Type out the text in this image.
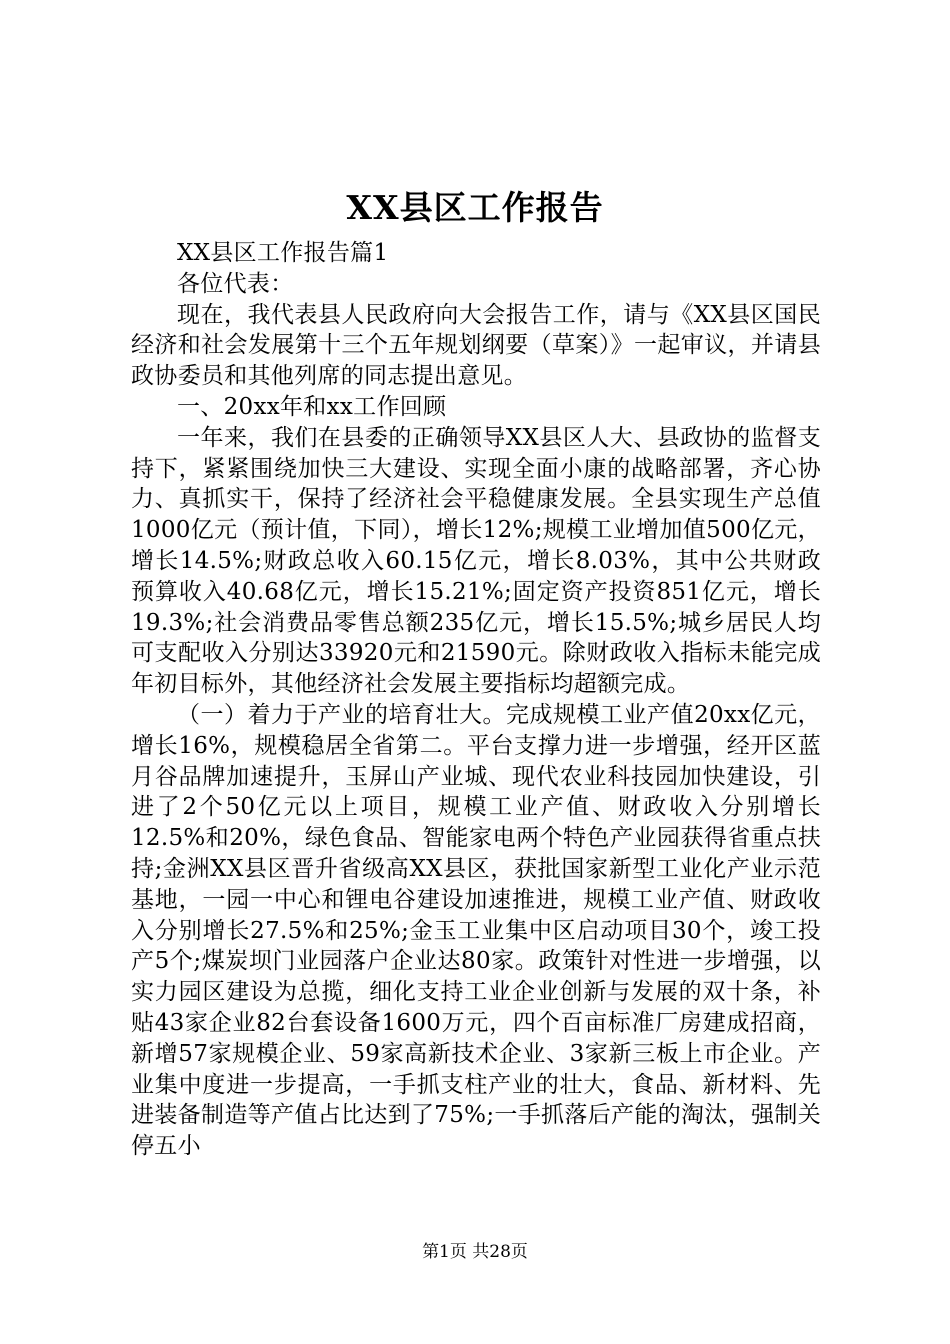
XX县区工作报告

XX县区工作报告篇1

各位代表：

现在，我代表县人民政府向大会报告工作，请与《XX县区国民经济和社会发展第十三个五年规划纲要（草案）》一起审议，并请县政协委员和其他列席的同志提出意见。

一、20xx年和xx工作回顾

一年来，我们在县委的正确领导XX县区人大、县政协的监督支持下，紧紧围绕加快三大建设、实现全面小康的战略部署，齐心协力、真抓实干，保持了经济社会平稳健康发展。全县实现生产总值1000亿元（预计值，下同），增长12%;规模工业增加值500亿元，增长14.5%;财政总收入60.15亿元，增长8.03%，其中公共财政预算收入40.68亿元，增长15.21%;固定资产投资851亿元，增长19.3%;社会消费品零售总额235亿元，增长15.5%;城乡居民人均可支配收入分别达33920元和21590元。除财政收入指标未能完成年初目标外，其他经济社会发展主要指标均超额完成。

（一）着力于产业的培育壮大。完成规模工业产值20xx亿元，增长16%，规模稳居全省第二。平台支撑力进一步增强，经开区蓝月谷品牌加速提升，玉屏山产业城、现代农业科技园加快建设，引进了2个50亿元以上项目，规模工业产值、财政收入分别增长12.5%和20%，绿色食品、智能家电两个特色产业园获得省重点扶持;金洲XX县区晋升省级高XX县区，获批国家新型工业化产业示范基地，一园一中心和锂电谷建设加速推进，规模工业产值、财政收入分别增长27.5%和25%;金玉工业集中区启动项目30个，竣工投产5个;煤炭坝门业园落户企业达80家。政策针对性进一步增强，以实力园区建设为总揽，细化支持工业企业创新与发展的双十条，补贴43家企业82台套设备1600万元，四个百亩标准厂房建成招商，新增57家规模企业、59家高新技术企业、3家新三板上市企业。产业集中度进一步提高，一手抓支柱产业的壮大，食品、新材料、先进装备制造等产值占比达到了75%;一手抓落后产能的淘汰，强制关停五小

第1页 共28页
